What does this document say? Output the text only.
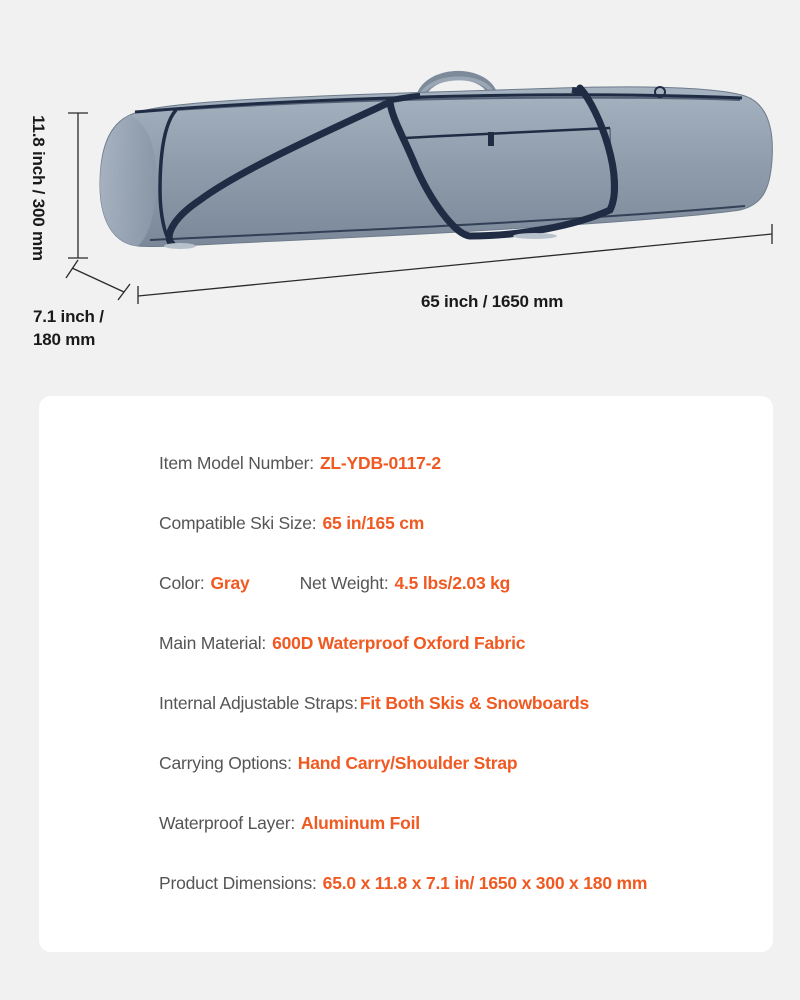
11.8 inch / 300 mm
7.1 inch /
180 mm
65 inch / 1650 mm
Item Model Number: ZL-YDB-0117-2
Compatible Ski Size: 65 in/165 cm
Color: Gray	Net Weight: 4.5 lbs/2.03 kg
Main Material: 600D Waterproof Oxford Fabric
Internal Adjustable Straps: Fit Both Skis & Snowboards
Carrying Options: Hand Carry/Shoulder Strap
Waterproof Layer: Aluminum Foil
Product Dimensions: 65.0 x 11.8 x 7.1 in/ 1650 x 300 x 180 mm
